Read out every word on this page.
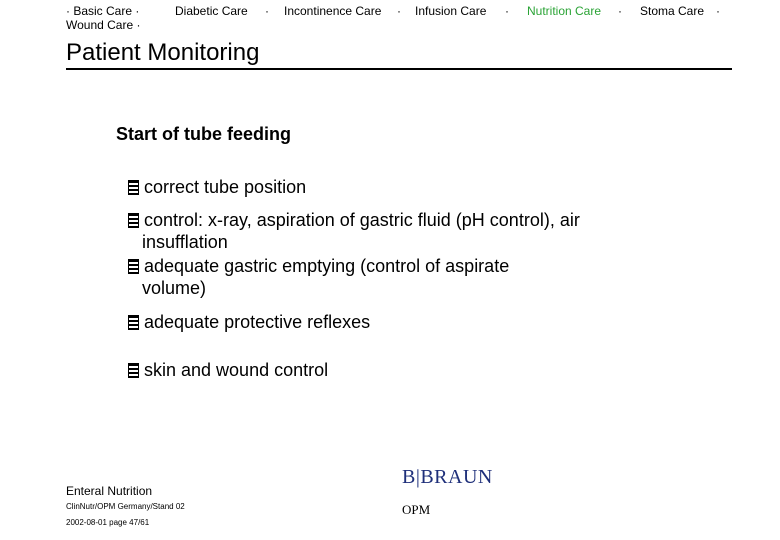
· Basic Care ·
Wound Care ·
Diabetic Care · Incontinence Care · Infusion Care · Nutrition Care · Stoma Care ·
Patient Monitoring
Start of tube feeding
correct tube position
control: x-ray, aspiration of gastric fluid (pH control), air
insufflation
adequate gastric emptying (control of aspirate
volume)
adequate protective reflexes
skin and wound control
Enteral Nutrition
ClinNutr/OPM Germany/Stand 02
2002-08-01 page 47/61
B|BRAUN
OPM
